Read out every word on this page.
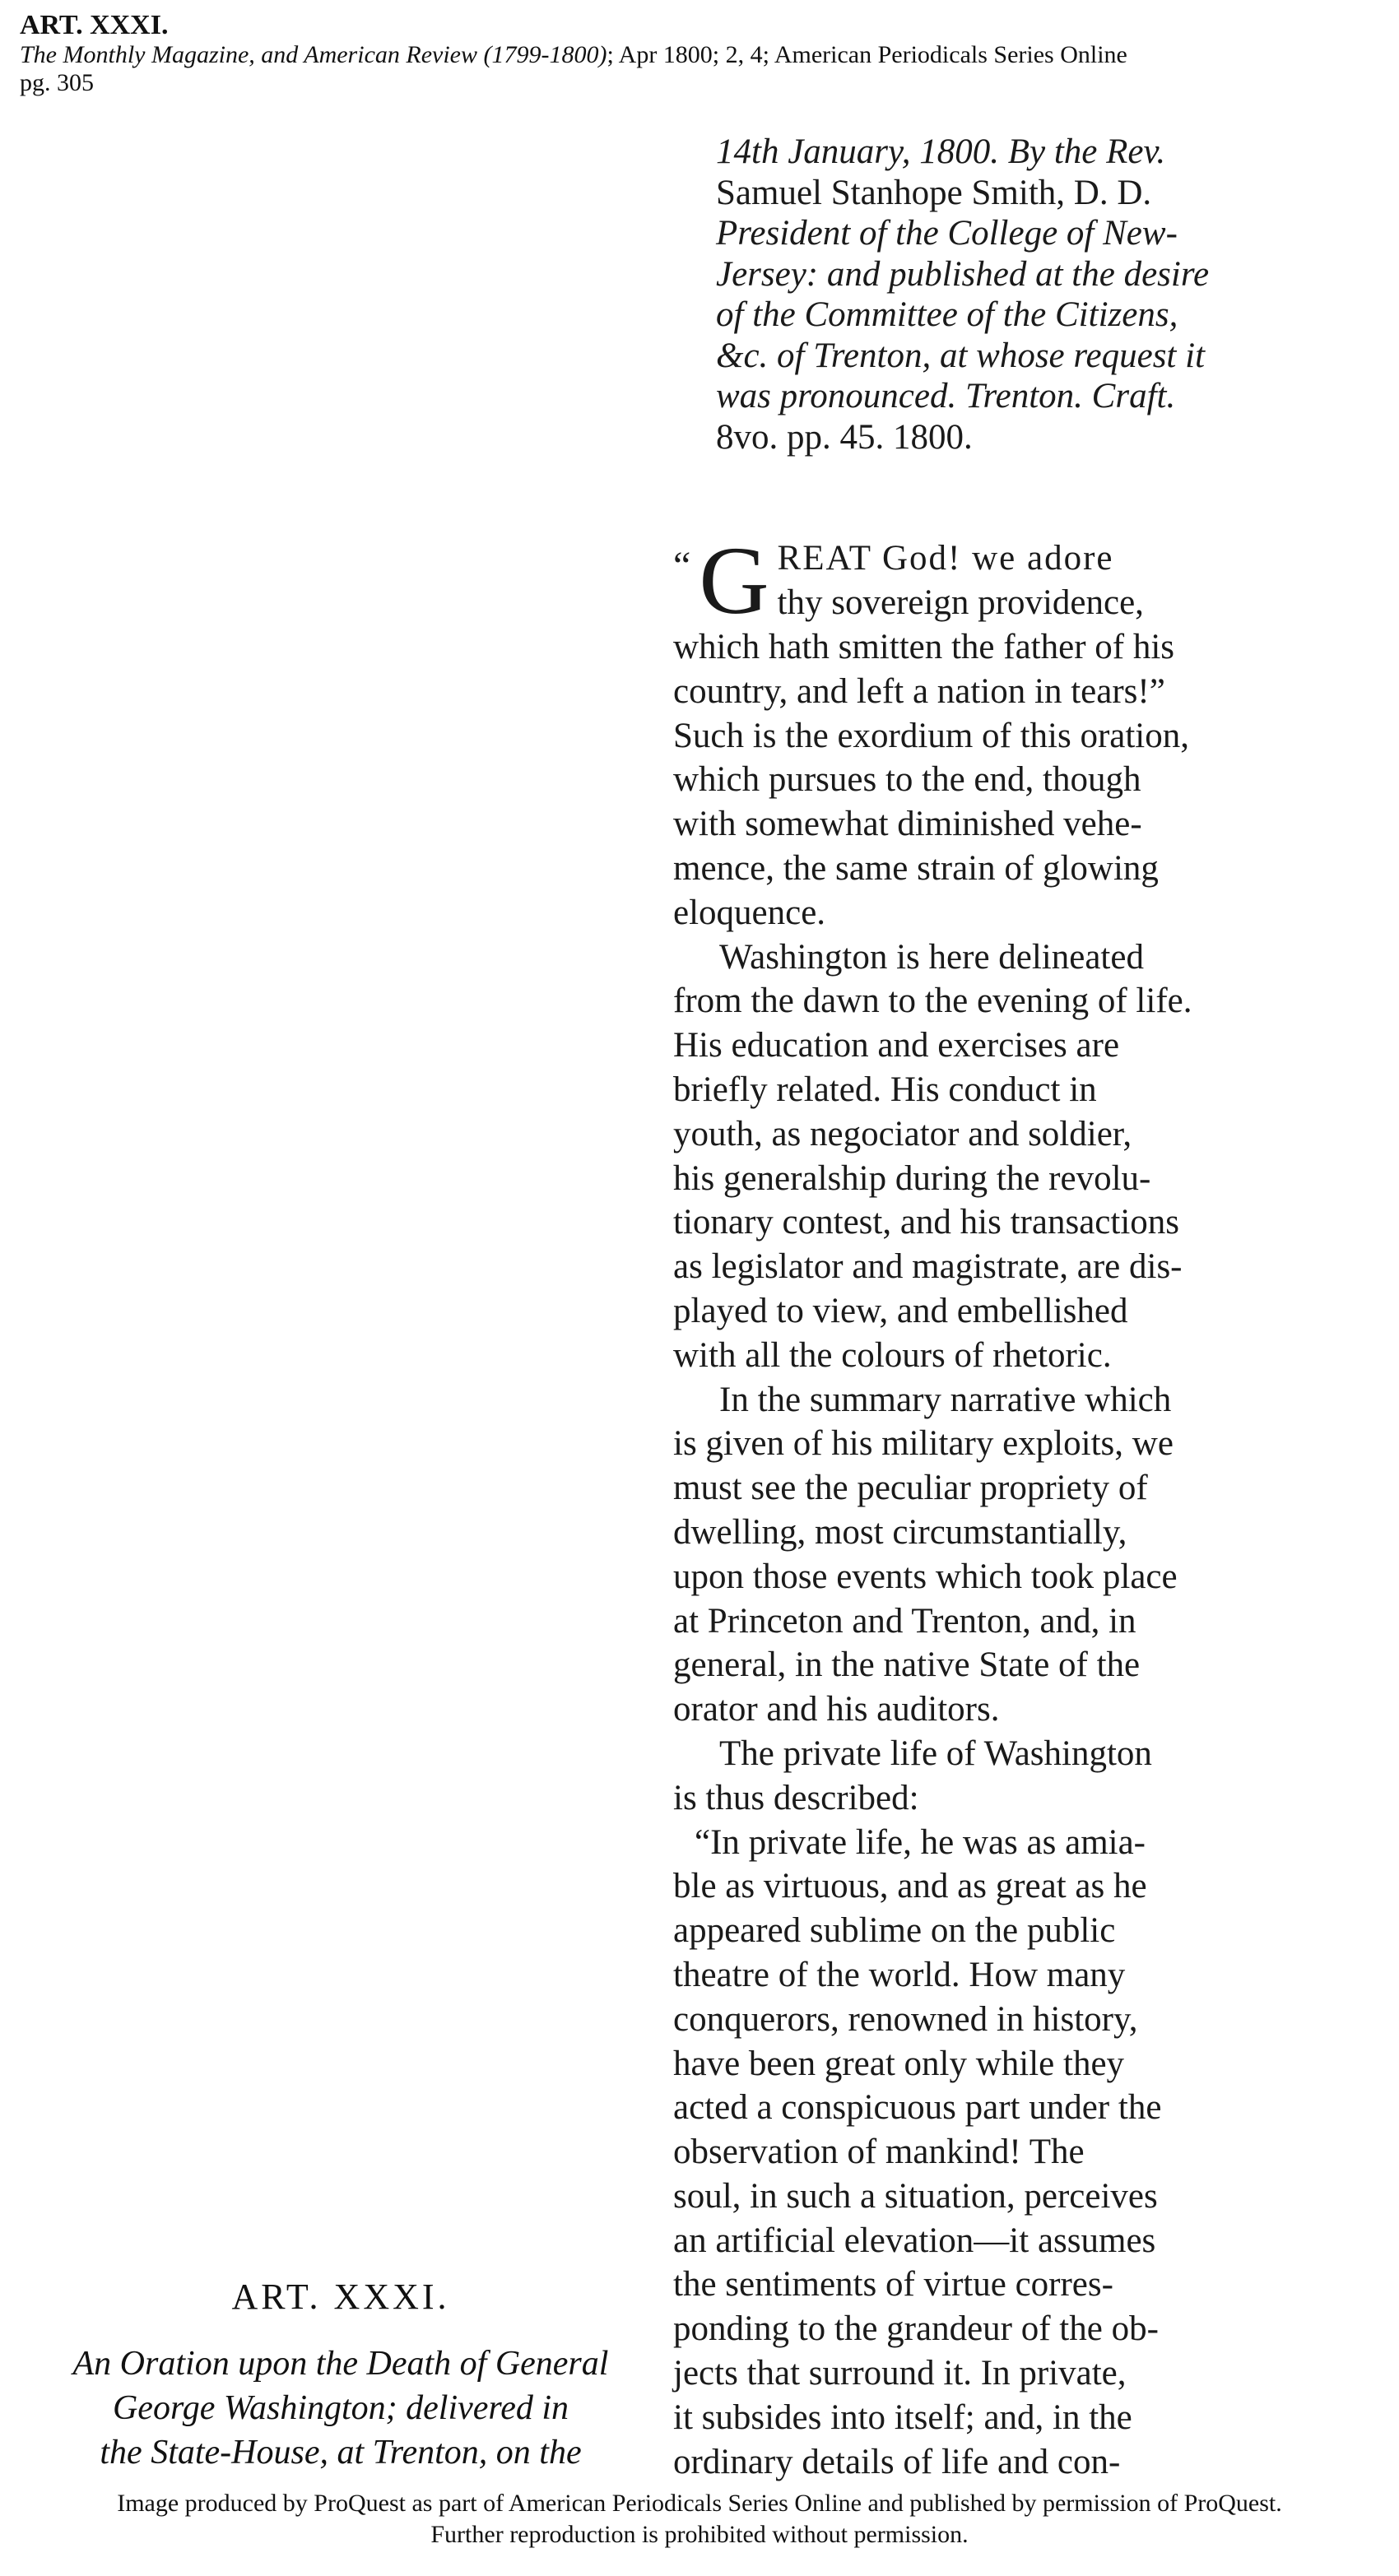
ART. XXXI.
The Monthly Magazine, and American Review (1799-1800); Apr 1800; 2, 4; American Periodicals Series Online
pg. 305
14th January, 1800. By the Rev.
Samuel Stanhope Smith, D. D.
President of the College of New-
Jersey: and published at the desire
of the Committee of the Citizens,
&c. of Trenton, at whose request it
was pronounced. Trenton. Craft.
8vo. pp. 45. 1800.
“ G REAT God! we adore
thy sovereign providence,
which hath smitten the father of his
country, and left a nation in tears!”
Such is the exordium of this oration,
which pursues to the end, though
with somewhat diminished vehe-
mence, the same strain of glowing
eloquence.
Washington is here delineated
from the dawn to the evening of life.
His education and exercises are
briefly related. His conduct in
youth, as negociator and soldier,
his generalship during the revolu-
tionary contest, and his transactions
as legislator and magistrate, are dis-
played to view, and embellished
with all the colours of rhetoric.
In the summary narrative which
is given of his military exploits, we
must see the peculiar propriety of
dwelling, most circumstantially,
upon those events which took place
at Princeton and Trenton, and, in
general, in the native State of the
orator and his auditors.
The private life of Washington
is thus described:
“In private life, he was as amia-
ble as virtuous, and as great as he
appeared sublime on the public
theatre of the world. How many
conquerors, renowned in history,
have been great only while they
acted a conspicuous part under the
observation of mankind! The
soul, in such a situation, perceives
an artificial elevation—it assumes
the sentiments of virtue corres-
ponding to the grandeur of the ob-
jects that surround it. In private,
it subsides into itself; and, in the
ordinary details of life and con-
ART. XXXI.
An Oration upon the Death of General
George Washington; delivered in
the State-House, at Trenton, on the
Image produced by ProQuest as part of American Periodicals Series Online and published by permission of ProQuest.
Further reproduction is prohibited without permission.
